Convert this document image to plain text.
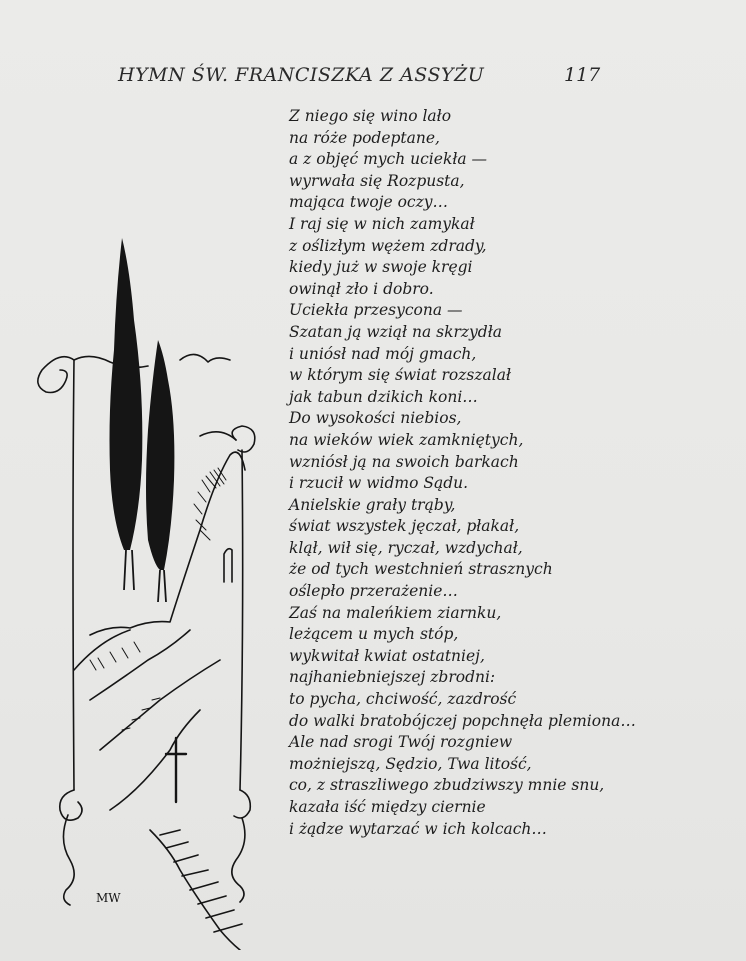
HYMN ŚW. FRANCISZKA Z ASSYŻU	117
Z niego się wino lało
na róże podeptane,
a z objęć mych uciekła —
wyrwała się Rozpusta,
mająca twoje oczy…
I raj się w nich zamykał
z oślizłym wężem zdrady,
kiedy już w swoje kręgi
owinął zło i dobro.
Uciekła przesycona —
Szatan ją wziął na skrzydła
i uniósł nad mój gmach,
w którym się świat rozszalał
jak tabun dzikich koni…
Do wysokości niebios,
na wieków wiek zamkniętych,
wzniósł ją na swoich barkach
i rzucił w widmo Sądu.
Anielskie grały trąby,
świat wszystek jęczał, płakał,
klął, wił się, ryczał, wzdychał,
że od tych westchnień strasznych
oślepło przerażenie…
Zaś na maleńkiem ziarnku,
leżącem u mych stóp,
wykwitał kwiat ostatniej,
najhaniebniejszej zbrodni:
to pycha, chciwość, zazdrość
do walki bratobójczej popchnęła plemiona…
Ale nad srogi Twój rozgniew
możniejszą, Sędzio, Twa litość,
co, z straszliwego zbudziwszy mnie snu,
kazała iść między ciernie
i żądze wytarzać w ich kolcach…
MW
